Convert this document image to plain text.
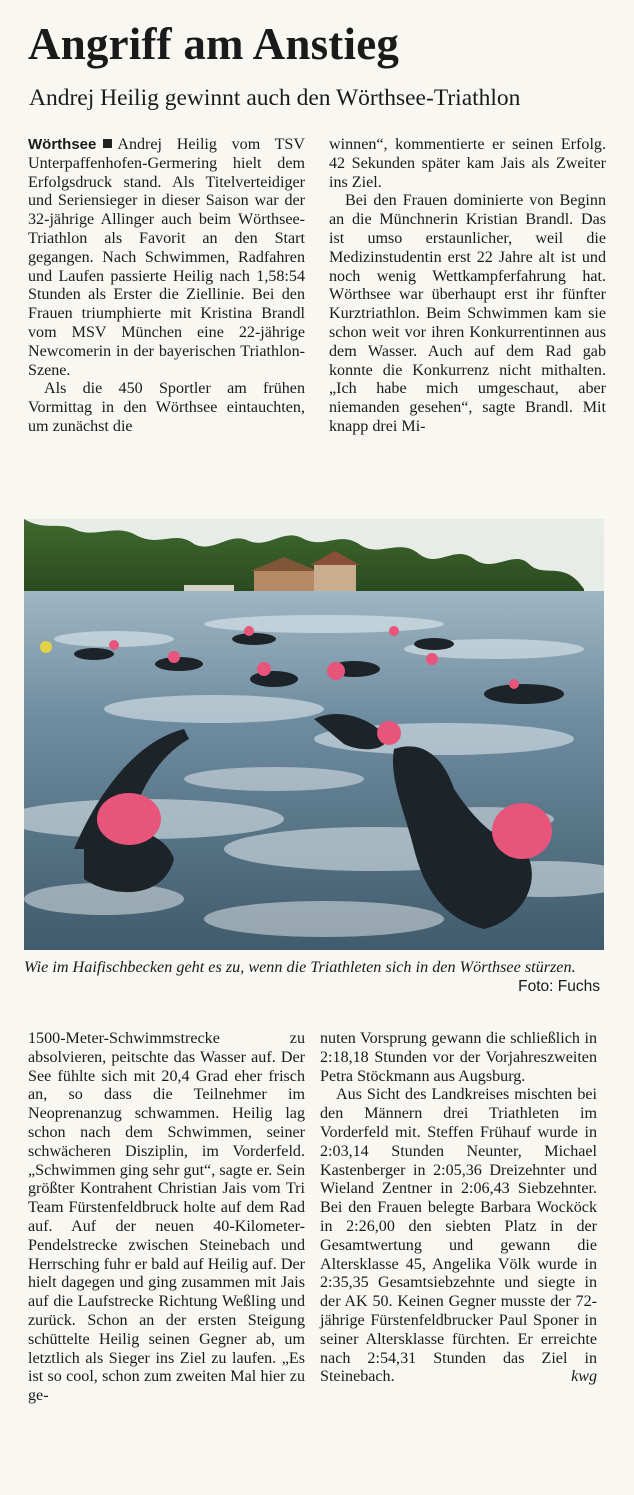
Angriff am Anstieg
Andrej Heilig gewinnt auch den Wörthsee-Triathlon

Wörthsee Andrej Heilig vom TSV Unterpaffenhofen-Germering hielt dem Erfolgsdruck stand. Als Titelverteidiger und Seriensieger in dieser Saison war der 32-jährige Allinger auch beim Wörthsee-Triathlon als Favorit an den Start gegangen. Nach Schwimmen, Radfahren und Laufen passierte Heilig nach 1,58:54 Stunden als Erster die Ziellinie. Bei den Frauen triumphierte mit Kristina Brandl vom MSV München eine 22-jährige Newcomerin in der bayerischen Triathlon-Szene.

Als die 450 Sportler am frühen Vormittag in den Wörthsee eintauchten, um zunächst die

winnen“, kommentierte er seinen Erfolg. 42 Sekunden später kam Jais als Zweiter ins Ziel.

Bei den Frauen dominierte von Beginn an die Münchnerin Kristian Brandl. Das ist umso erstaunlicher, weil die Medizinstudentin erst 22 Jahre alt ist und noch wenig Wettkampferfahrung hat. Wörthsee war überhaupt erst ihr fünfter Kurztriathlon. Beim Schwimmen kam sie schon weit vor ihren Konkurrentinnen aus dem Wasser. Auch auf dem Rad gab konnte die Konkurrenz nicht mithalten. „Ich habe mich umgeschaut, aber niemanden gesehen“, sagte Brandl. Mit knapp drei Mi-

Wie im Haifischbecken geht es zu, wenn die Triathleten sich in den Wörthsee stürzen.

Foto: Fuchs

1500-Meter-Schwimmstrecke zu absolvieren, peitschte das Wasser auf. Der See fühlte sich mit 20,4 Grad eher frisch an, so dass die Teilnehmer im Neoprenanzug schwammen. Heilig lag schon nach dem Schwimmen, seiner schwächeren Disziplin, im Vorderfeld. „Schwimmen ging sehr gut“, sagte er. Sein größter Kontrahent Christian Jais vom Tri Team Fürstenfeldbruck holte auf dem Rad auf. Auf der neuen 40-Kilometer-Pendelstrecke zwischen Steinebach und Herrsching fuhr er bald auf Heilig auf. Der hielt dagegen und ging zusammen mit Jais auf die Laufstrecke Richtung Weßling und zurück. Schon an der ersten Steigung schüttelte Heilig seinen Gegner ab, um letztlich als Sieger ins Ziel zu laufen. „Es ist so cool, schon zum zweiten Mal hier zu ge-

nuten Vorsprung gewann die schließlich in 2:18,18 Stunden vor der Vorjahreszweiten Petra Stöckmann aus Augsburg.

Aus Sicht des Landkreises mischten bei den Männern drei Triathleten im Vorderfeld mit. Steffen Frühauf wurde in 2:03,14 Stunden Neunter, Michael Kastenberger in 2:05,36 Dreizehnter und Wieland Zentner in 2:06,43 Siebzehnter. Bei den Frauen belegte Barbara Wocköck in 2:26,00 den siebten Platz in der Gesamtwertung und gewann die Altersklasse 45, Angelika Völk wurde in 2:35,35 Gesamtsiebzehnte und siegte in der AK 50. Keinen Gegner musste der 72-jährige Fürstenfeldbrucker Paul Sponer in seiner Altersklasse fürchten. Er erreichte nach 2:54,31 Stunden das Ziel in Steinebach.	kwg
